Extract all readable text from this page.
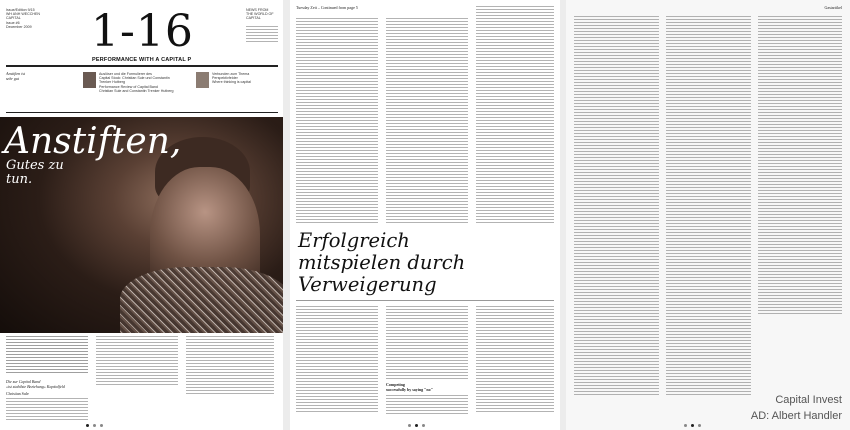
Issue/Edition 9/15
WH ANH WECCHEN
CAPITAL
Issue #6
December 2009	1-16	NEWS FROM
THE WORLD OF
CAPITAL
PERFORMANCE WITH A CAPITAL P
Anstiften ist
sehr gut
Auslöser und die Formulierer des
Capital Stock: Christian Sule und Constantin
Trenker Hutberg
Performance Review of Capital Band
Christian Sule and Constantin Trenker Hutberg
Verbunden zum Thema
Perspektivfelder
Where thinking is capital
Anstiften,
Gutes zu
tun.
Die zur Capital Band
«ist stabilste Beziehung» Kapitalfeld
Christian Sule
Tuesday Zeit – Continued from page 5
Erfolgreich
mitspielen durch
Verweigerung
Competing
successfully by saying "no"
Gastartikel
Capital Invest
AD: Albert Handler
